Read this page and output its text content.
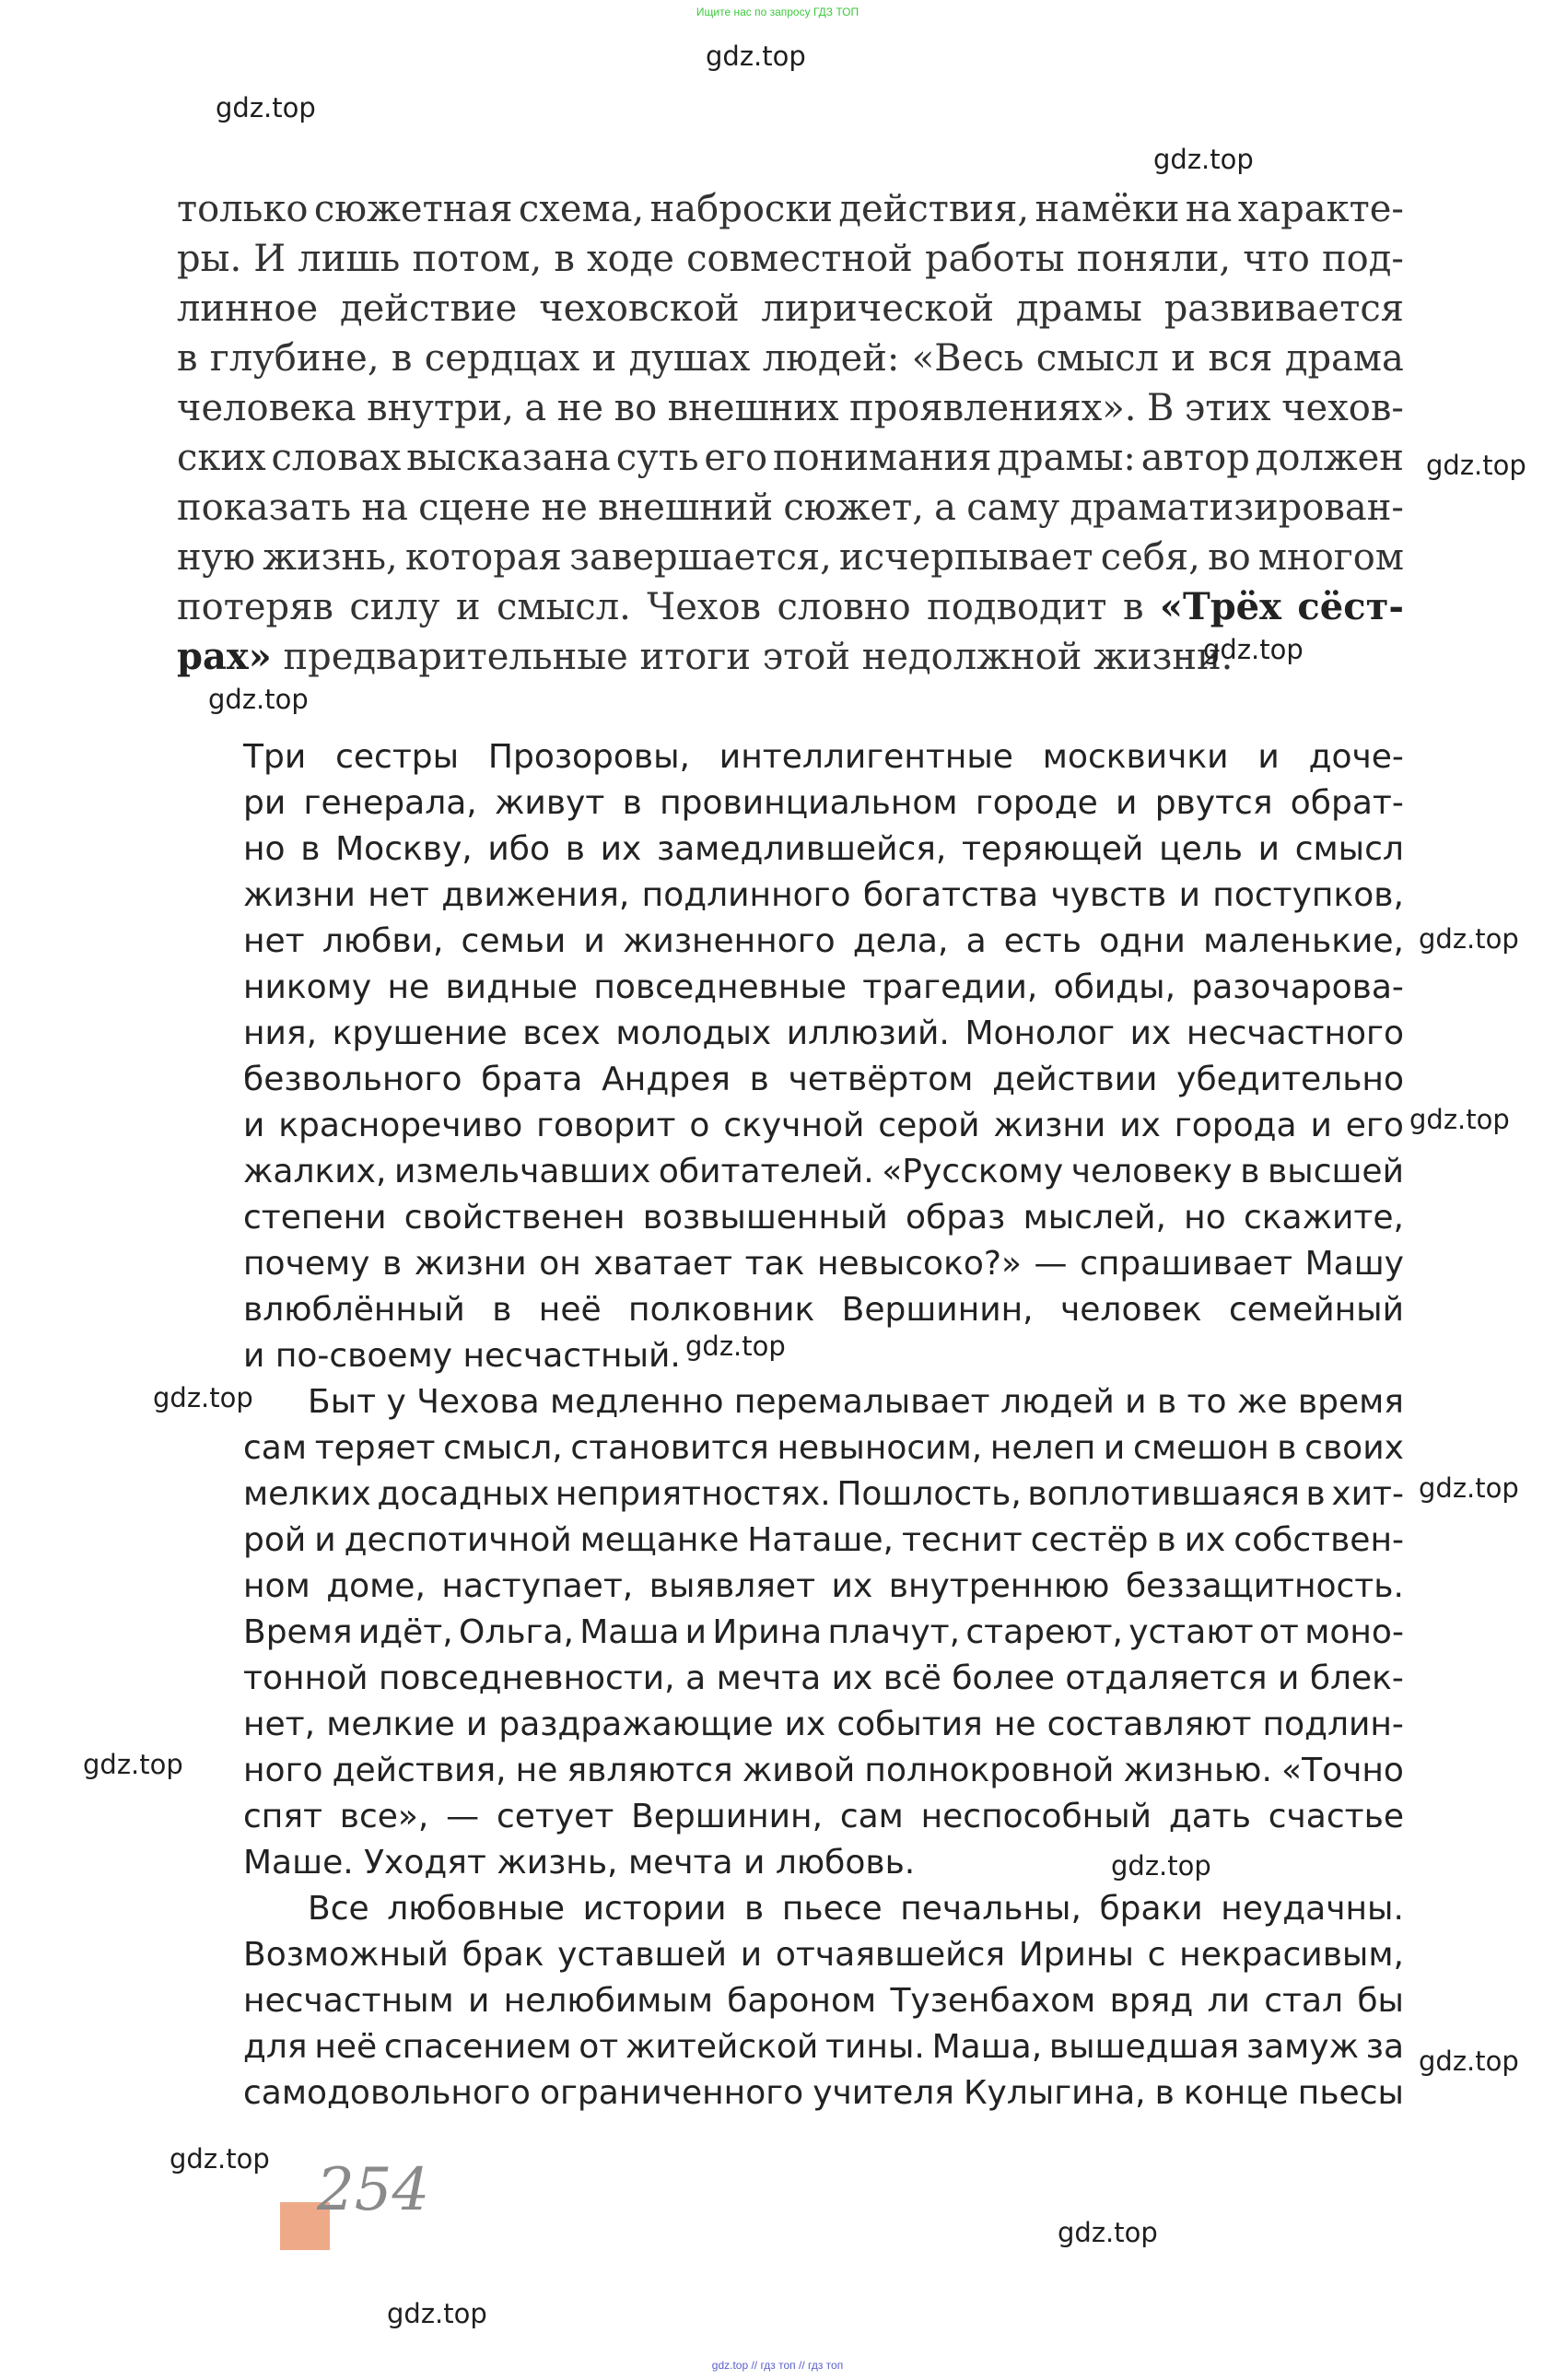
Ищите нас по запросу ГДЗ ТОП
только сюжетная схема, наброски действия, намёки на характе-
ры. И лишь потом, в ходе совместной работы поняли, что под-
линное действие чеховской лирической драмы развивается
в глубине, в сердцах и душах людей: «Весь смысл и вся драма
человека внутри, а не во внешних проявлениях». В этих чехов-
ских словах высказана суть его понимания драмы: автор должен
показать на сцене не внешний сюжет, а саму драматизирован-
ную жизнь, которая завершается, исчерпывает себя, во многом
потеряв силу и смысл. Чехов словно подводит в «Трёх сёст-
рах» предварительные итоги этой недолжной жизни.
Три сестры Прозоровы, интеллигентные москвички и доче-
ри генерала, живут в провинциальном городе и рвутся обрат-
но в Москву, ибо в их замедлившейся, теряющей цель и смысл
жизни нет движения, подлинного богатства чувств и поступков,
нет любви, семьи и жизненного дела, а есть одни маленькие,
никому не видные повседневные трагедии, обиды, разочарова-
ния, крушение всех молодых иллюзий. Монолог их несчастного
безвольного брата Андрея в четвёртом действии убедительно
и красноречиво говорит о скучной серой жизни их города и его
жалких, измельчавших обитателей. «Русскому человеку в высшей
степени свойственен возвышенный образ мыслей, но скажите,
почему в жизни он хватает так невысоко?» — спрашивает Машу
влюблённый в неё полковник Вершинин, человек семейный
и по-своему несчастный.
Быт у Чехова медленно перемалывает людей и в то же время
сам теряет смысл, становится невыносим, нелеп и смешон в своих
мелких досадных неприятностях. Пошлость, воплотившаяся в хит-
рой и деспотичной мещанке Наташе, теснит сестёр в их собствен-
ном доме, наступает, выявляет их внутреннюю беззащитность.
Время идёт, Ольга, Маша и Ирина плачут, стареют, устают от моно-
тонной повседневности, а мечта их всё более отдаляется и блек-
нет, мелкие и раздражающие их события не составляют подлин-
ного действия, не являются живой полнокровной жизнью. «Точно
спят все», — сетует Вершинин, сам неспособный дать счастье
Маше. Уходят жизнь, мечта и любовь.
Все любовные истории в пьесе печальны, браки неудачны.
Возможный брак уставшей и отчаявшейся Ирины с некрасивым,
несчастным и нелюбимым бароном Тузенбахом вряд ли стал бы
для неё спасением от житейской тины. Маша, вышедшая замуж за
самодовольного ограниченного учителя Кулыгина, в конце пьесы
gdz.top
gdz.top
gdz.top
gdz.top
gdz.top
gdz.top
gdz.top
gdz.top
gdz.top
gdz.top
gdz.top
gdz.top
gdz.top
gdz.top
gdz.top
gdz.top
gdz.top
254
gdz.top // гдз топ // гдз топ
